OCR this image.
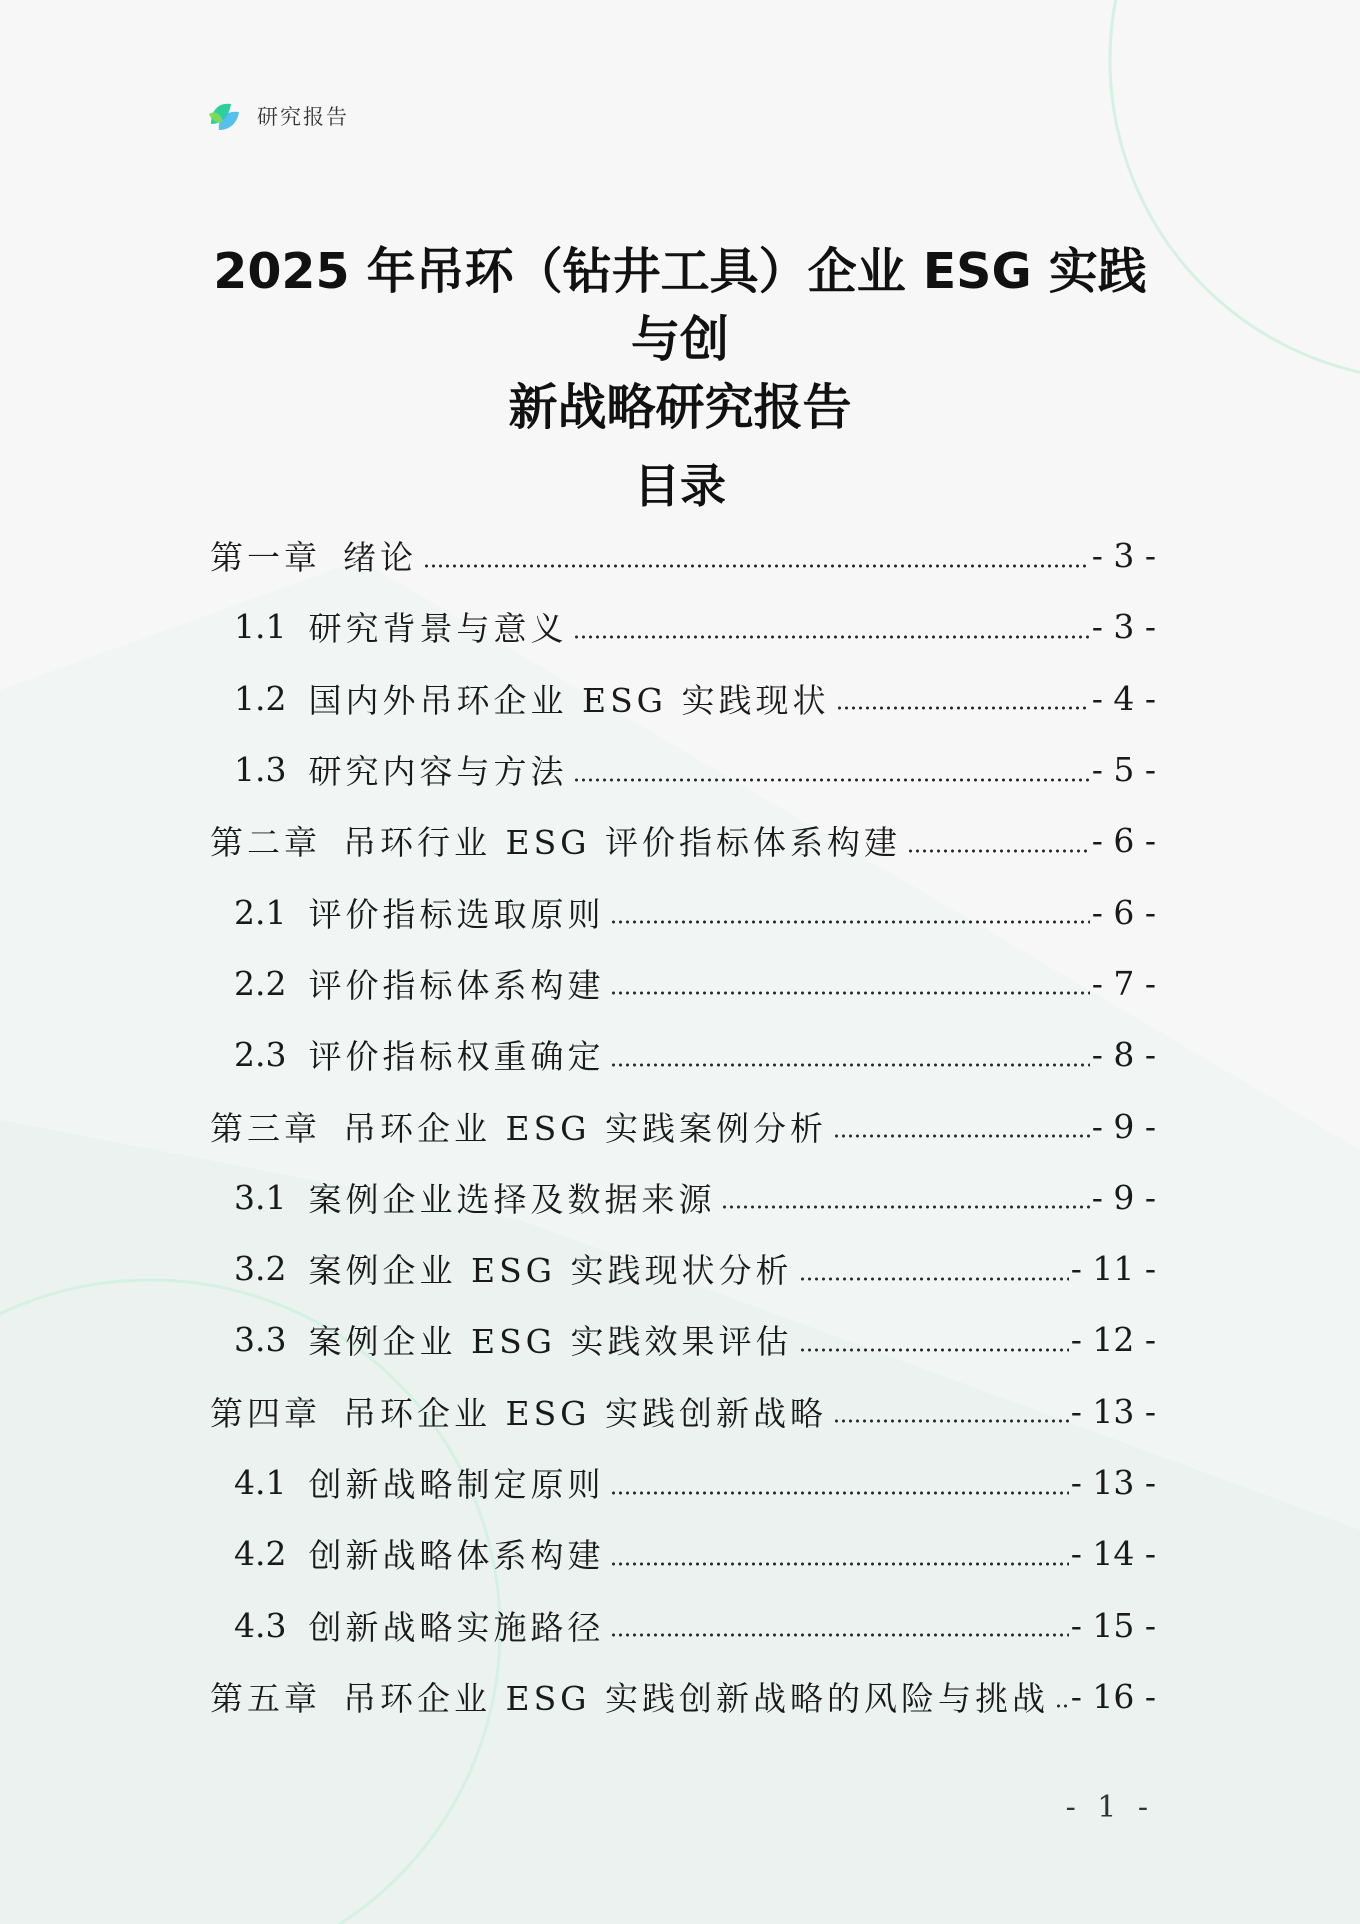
研究报告
2025 年吊环（钻井工具）企业 ESG 实践与创
新战略研究报告
目录
第一章 绪论	- 3 -
1.1 研究背景与意义	- 3 -
1.2 国内外吊环企业 ESG 实践现状	- 4 -
1.3 研究内容与方法	- 5 -
第二章 吊环行业 ESG 评价指标体系构建	- 6 -
2.1 评价指标选取原则	- 6 -
2.2 评价指标体系构建	- 7 -
2.3 评价指标权重确定	- 8 -
第三章 吊环企业 ESG 实践案例分析	- 9 -
3.1 案例企业选择及数据来源	- 9 -
3.2 案例企业 ESG 实践现状分析	- 11 -
3.3 案例企业 ESG 实践效果评估	- 12 -
第四章 吊环企业 ESG 实践创新战略	- 13 -
4.1 创新战略制定原则	- 13 -
4.2 创新战略体系构建	- 14 -
4.3 创新战略实施路径	- 15 -
第五章 吊环企业 ESG 实践创新战略的风险与挑战 - 16 -
- 1 -
